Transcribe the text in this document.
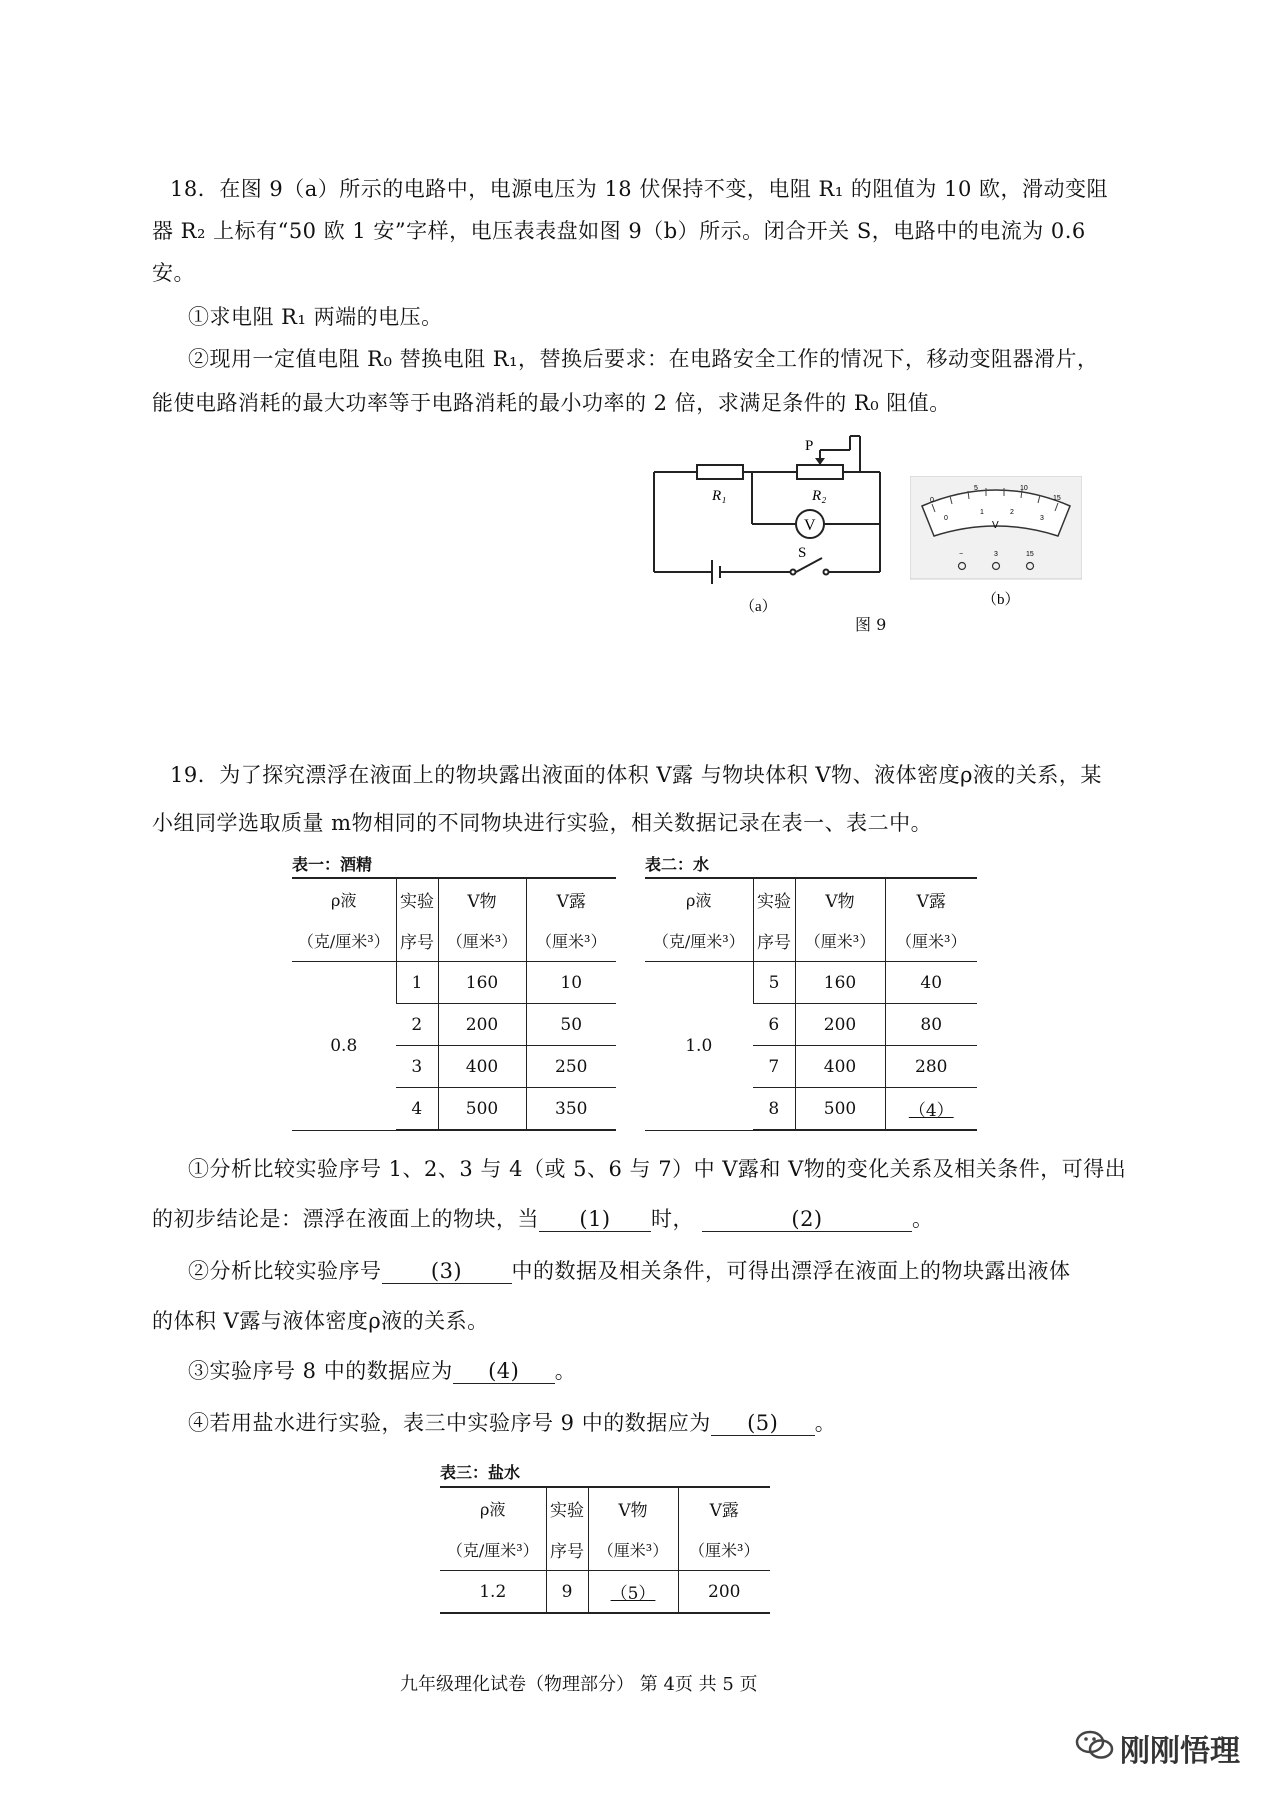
18．在图 9（a）所示的电路中，电源电压为 18 伏保持不变，电阻 R₁ 的阻值为 10 欧，滑动变阻
器 R₂ 上标有“50 欧 1 安”字样，电压表表盘如图 9（b）所示。闭合开关 S，电路中的电流为 0.6
安。
①求电阻 R₁ 两端的电压。
②现用一定值电阻 R₀ 替换电阻 R₁，替换后要求：在电路安全工作的情况下，移动变阻器滑片，
能使电路消耗的最大功率等于电路消耗的最小功率的 2 倍，求满足条件的 R₀ 阻值。
P
R₁	R₂
V
S
（a）
0
5	10
15
0
1	2
3
V
−	3	15
（b）
图 9
19．为了探究漂浮在液面上的物块露出液面的体积 V露 与物块体积 V物、液体密度ρ液的关系，某
小组同学选取质量 m物相同的不同物块进行实验，相关数据记录在表一、表二中。
表一：酒精
ρ液	实验	V物	V露
（克/厘米³）	序号	（厘米³）	（厘米³）
0.8	1	160	10
	2	200	50
	3	400	250
	4	500	350
表二：水
ρ液	实验	V物	V露
（克/厘米³）	序号	（厘米³）	（厘米³）
1.0	5	160	40
	6	200	80
	7	400	280
	8	500	（4）
①分析比较实验序号 1、2、3 与 4（或 5、6 与 7）中 V露和 V物的变化关系及相关条件，可得出
的初步结论是：漂浮在液面上的物块，当 (1) 时，	(2)	。
②分析比较实验序号 (3) 中的数据及相关条件，可得出漂浮在液面上的物块露出液体
的体积 V露与液体密度ρ液的关系。
③实验序号 8 中的数据应为 (4) 。
④若用盐水进行实验，表三中实验序号 9 中的数据应为 (5) 。
表三：盐水
ρ液	实验	V物	V露
（克/厘米³）	序号	（厘米³）	（厘米³）
1.2	9	（5）	200
九年级理化试卷（物理部分） 第 4页 共 5 页
刚刚悟理
